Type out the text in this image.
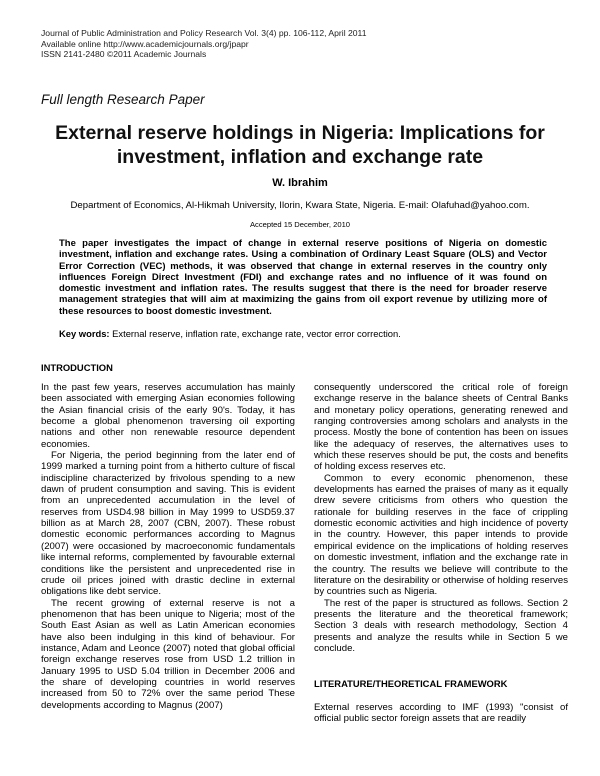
Journal of Public Administration and Policy Research Vol. 3(4) pp. 106-112, April 2011
Available online http://www.academicjournals.org/jpapr
ISSN 2141-2480 ©2011 Academic Journals
Full length Research Paper
External reserve holdings in Nigeria: Implications for
investment, inflation and exchange rate
W. Ibrahim
Department of Economics, Al-Hikmah University, Ilorin, Kwara State, Nigeria. E-mail: Olafuhad@yahoo.com.
Accepted 15 December, 2010
The paper investigates the impact of change in external reserve positions of Nigeria on domestic investment, inflation and exchange rates. Using a combination of Ordinary Least Square (OLS) and Vector Error Correction (VEC) methods, it was observed that change in external reserves in the country only influences Foreign Direct Investment (FDI) and exchange rates and no influence of it was found on domestic investment and inflation rates. The results suggest that there is the need for broader reserve management strategies that will aim at maximizing the gains from oil export revenue by utilizing more of these resources to boost domestic investment.
Key words: External reserve, inflation rate, exchange rate, vector error correction.
INTRODUCTION

In the past few years, reserves accumulation has mainly been associated with emerging Asian economies following the Asian financial crisis of the early 90's. Today, it has become a global phenomenon traversing oil exporting nations and other non renewable resource dependent economies.

For Nigeria, the period beginning from the later end of 1999 marked a turning point from a hitherto culture of fiscal indiscipline characterized by frivolous spending to a new dawn of prudent consumption and saving. This is evident from an unprecedented accumulation in the level of reserves from USD4.98 billion in May 1999 to USD59.37 billion as at March 28, 2007 (CBN, 2007). These robust domestic economic performances according to Magnus (2007) were occasioned by macroeconomic fundamentals like internal reforms, complemented by favourable external conditions like the persistent and unprecedented rise in crude oil prices joined with drastic decline in external obligations like debt service.

The recent growing of external reserve is not a phenomenon that has been unique to Nigeria; most of the South East Asian as well as Latin American economies have also been indulging in this kind of behaviour. For instance, Adam and Leonce (2007) noted that global official foreign exchange reserves rose from USD 1.2 trillion in January 1995 to USD 5.04 trillion in December 2006 and the share of developing countries in world reserves increased from 50 to 72% over the same period These developments according to Magnus (2007)

consequently underscored the critical role of foreign exchange reserve in the balance sheets of Central Banks and monetary policy operations, generating renewed and ranging controversies among scholars and analysts in the process. Mostly the bone of contention has been on issues like the adequacy of reserves, the alternatives uses to which these reserves should be put, the costs and benefits of holding excess reserves etc.

Common to every economic phenomenon, these developments has earned the praises of many as it equally drew severe criticisms from others who question the rationale for building reserves in the face of crippling domestic economic activities and high incidence of poverty in the country. However, this paper intends to provide empirical evidence on the implications of holding reserves on domestic investment, inflation and the exchange rate in the country. The results we believe will contribute to the literature on the desirability or otherwise of holding reserves by countries such as Nigeria.

The rest of the paper is structured as follows. Section 2 presents the literature and the theoretical framework; Section 3 deals with research methodology, Section 4 presents and analyze the results while in Section 5 we conclude.

LITERATURE/THEORETICAL FRAMEWORK

External reserves according to IMF (1993) "consist of official public sector foreign assets that are readily
